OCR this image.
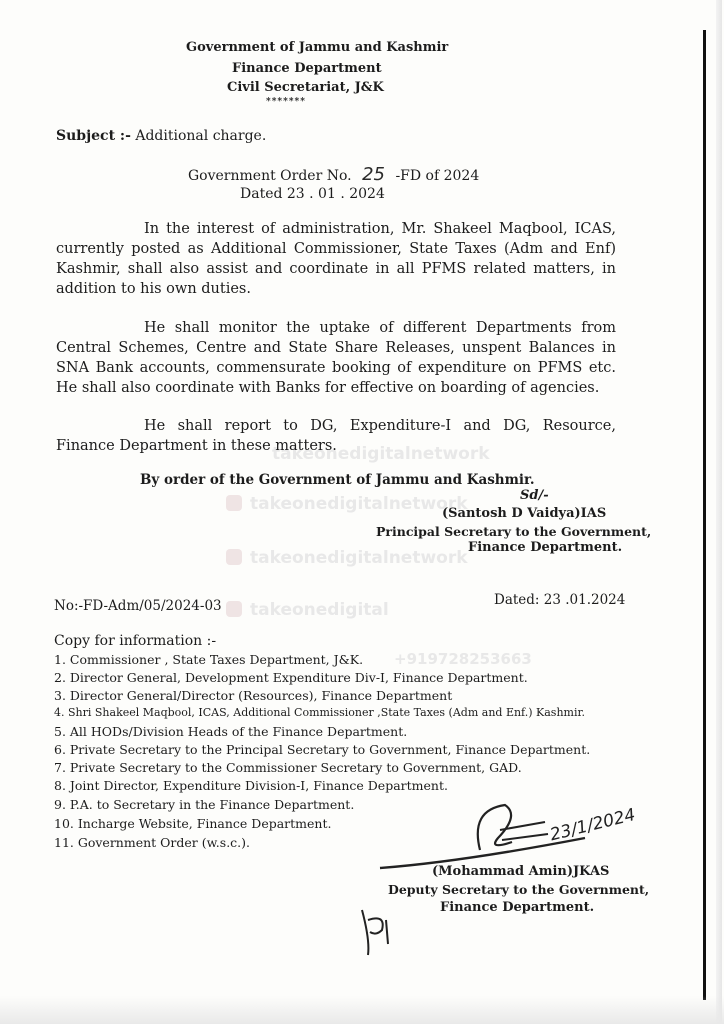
takeonedigitalnetwork
takeonedigitalnetwork
takeonedigitalnetwork
takeonedigital
+919728253663
Government of Jammu and Kashmir
Finance Department
Civil Secretariat, J&K
*******
Subject :- Additional charge.
Government Order No. 25 -FD of 2024
Dated 23 . 01 . 2024
In the interest of administration, Mr. Shakeel Maqbool, ICAS, currently posted as Additional Commissioner, State Taxes (Adm and Enf) Kashmir, shall also assist and coordinate in all PFMS related matters, in addition to his own duties.
He shall monitor the uptake of different Departments from Central Schemes, Centre and State Share Releases, unspent Balances in SNA Bank accounts, commensurate booking of expenditure on PFMS etc. He shall also coordinate with Banks for effective on boarding of agencies.
He shall report to DG, Expenditure-I and DG, Resource, Finance Department in these matters.
By order of the Government of Jammu and Kashmir.
Sd/-
(Santosh D Vaidya)IAS
Principal Secretary to the Government,
Finance Department.
No:-FD-Adm/05/2024-03	Dated: 23 .01.2024
Copy for information :-
1. Commissioner , State Taxes Department, J&K.
2. Director General, Development Expenditure Div-I, Finance Department.
3. Director General/Director (Resources), Finance Department
4. Shri Shakeel Maqbool, ICAS, Additional Commissioner ,State Taxes (Adm and Enf.) Kashmir.
5. All HODs/Division Heads of the Finance Department.
6. Private Secretary to the Principal Secretary to Government, Finance Department.
7. Private Secretary to the Commissioner Secretary to Government, GAD.
8. Joint Director, Expenditure Division-I, Finance Department.
9. P.A. to Secretary in the Finance Department.
10. Incharge Website, Finance Department.
11. Government Order (w.s.c.).	23/1/2024
(Mohammad Amin)JKAS
Deputy Secretary to the Government,
Finance Department.
